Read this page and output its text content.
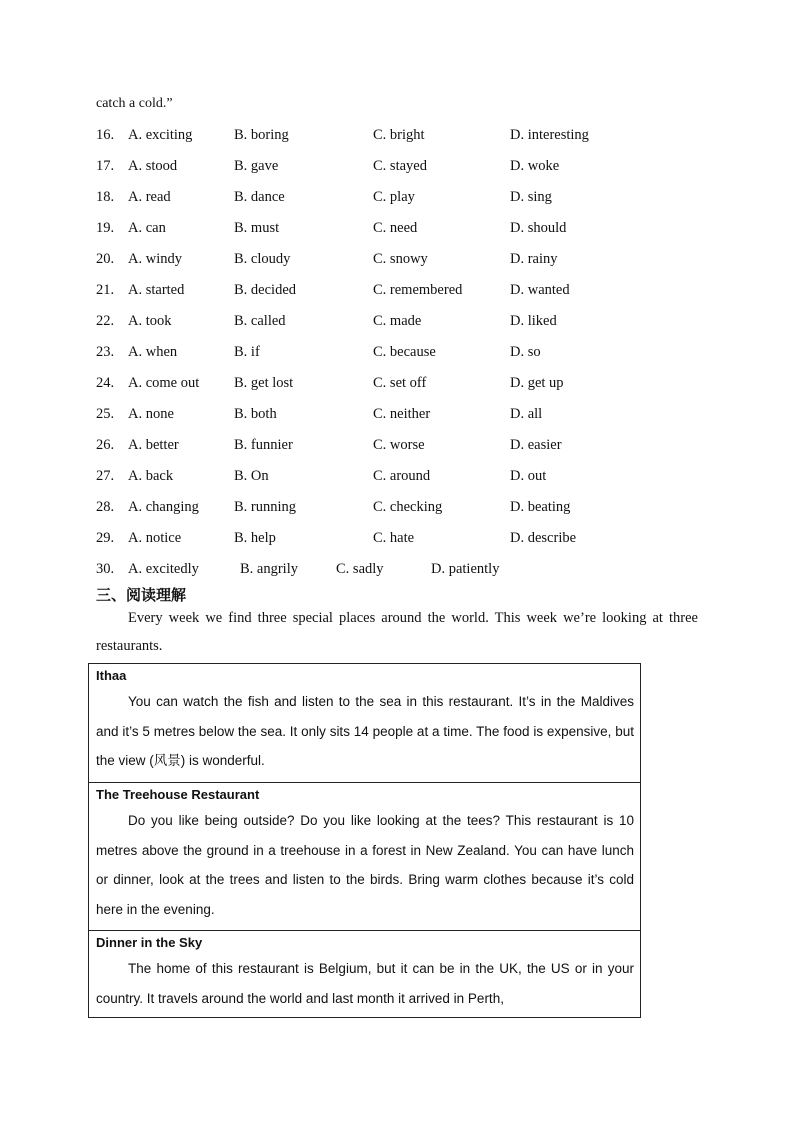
catch a cold.”
16. A. exciting	B. boring	C. bright	D. interesting
17. A. stood	B. gave	C. stayed	D. woke
18. A. read	B. dance	C. play	D. sing
19. A. can	B. must	C. need	D. should
20. A. windy	B. cloudy	C. snowy	D. rainy
21. A. started	B. decided	C. remembered	D. wanted
22. A. took	B. called	C. made	D. liked
23. A. when	B. if	C. because	D. so
24. A. come out B. get lost	C. set off	D. get up
25. A. none	B. both	C. neither	D. all
26. A. better	B. funnier	C. worse	D. easier
27. A. back	B. On	C. around	D. out
28. A. changing B. running	C. checking	D. beating
29. A. notice	B. help	C. hate	D. describe
30. A. excitedly	B. angrily	C. sadly	D. patiently
三、阅读理解
Every week we find three special places around the world. This week we’re looking at three restaurants.
Ithaa
You can watch the fish and listen to the sea in this restaurant. It’s in the Maldives and it’s 5 metres below the sea. It only sits 14 people at a time. The food is expensive, but the view (风景) is wonderful.
The Treehouse Restaurant
Do you like being outside? Do you like looking at the tees? This restaurant is 10 metres above the ground in a treehouse in a forest in New Zealand. You can have lunch or dinner, look at the trees and listen to the birds. Bring warm clothes because it’s cold here in the evening.
Dinner in the Sky
The home of this restaurant is Belgium, but it can be in the UK, the US or in your country. It travels around the world and last month it arrived in Perth,
